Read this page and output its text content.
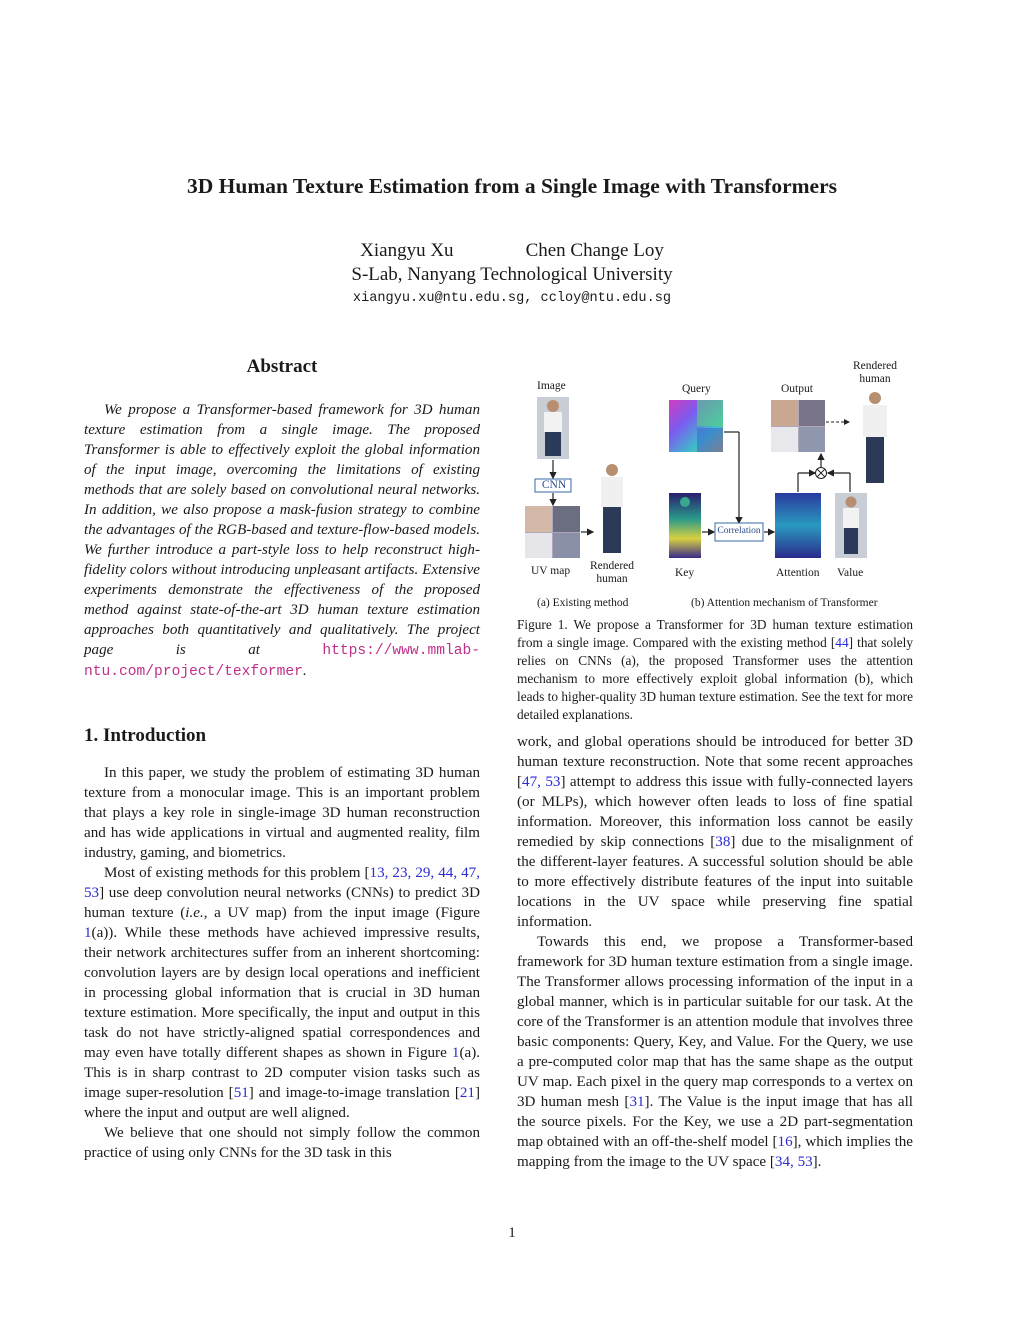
3D Human Texture Estimation from a Single Image with Transformers
Xiangyu Xu	Chen Change Loy
S-Lab, Nanyang Technological University
xiangyu.xu@ntu.edu.sg, ccloy@ntu.edu.sg
Abstract

We propose a Transformer-based framework for 3D human texture estimation from a single image. The proposed Transformer is able to effectively exploit the global information of the input image, overcoming the limitations of existing methods that are solely based on convolutional neural networks. In addition, we also propose a mask-fusion strategy to combine the advantages of the RGB-based and texture-flow-based models. We further introduce a part-style loss to help reconstruct high-fidelity colors without introducing unpleasant artifacts. Extensive experiments demonstrate the effectiveness of the proposed method against state-of-the-art 3D human texture estimation approaches both quantitatively and qualitatively. The project page is at https://www.mmlab-ntu.com/project/texformer.

1. Introduction

In this paper, we study the problem of estimating 3D human texture from a monocular image. This is an important problem that plays a key role in single-image 3D human reconstruction and has wide applications in virtual and augmented reality, film industry, gaming, and biometrics.

Most of existing methods for this problem [13, 23, 29, 44, 47, 53] use deep convolution neural networks (CNNs) to predict 3D human texture (i.e., a UV map) from the input image (Figure 1(a)). While these methods have achieved impressive results, their network architectures suffer from an inherent shortcoming: convolution layers are by design local operations and inefficient in processing global information that is crucial in 3D human texture estimation. More specifically, the input and output in this task do not have strictly-aligned spatial correspondences and may even have totally different shapes as shown in Figure 1(a). This is in sharp contrast to 2D computer vision tasks such as image super-resolution [51] and image-to-image translation [21] where the input and output are well aligned.

We believe that one should not simply follow the common practice of using only CNNs for the 3D task in this

Image
CNN
UV map Rendered human
Query	Output
Rendered human
Key
Correlation
Attention Value
(a) Existing method	(b) Attention mechanism of Transformer

Figure 1. We propose a Transformer for 3D human texture estimation from a single image. Compared with the existing method [44] that solely relies on CNNs (a), the proposed Transformer uses the attention mechanism to more effectively exploit global information (b), which leads to higher-quality 3D human texture estimation. See the text for more detailed explanations.

work, and global operations should be introduced for better 3D human texture reconstruction. Note that some recent approaches [47, 53] attempt to address this issue with fully-connected layers (or MLPs), which however often leads to loss of fine spatial information. Moreover, this information loss cannot be easily remedied by skip connections [38] due to the misalignment of the different-layer features. A successful solution should be able to more effectively distribute features of the input into suitable locations in the UV space while preserving fine spatial information.

Towards this end, we propose a Transformer-based framework for 3D human texture estimation from a single image. The Transformer allows processing information of the input in a global manner, which is in particular suitable for our task. At the core of the Transformer is an attention module that involves three basic components: Query, Key, and Value. For the Query, we use a pre-computed color map that has the same shape as the output UV map. Each pixel in the query map corresponds to a vertex on 3D human mesh [31]. The Value is the input image that has all the source pixels. For the Key, we use a 2D part-segmentation map obtained with an off-the-shelf model [16], which implies the mapping from the image to the UV space [34, 53].

1
